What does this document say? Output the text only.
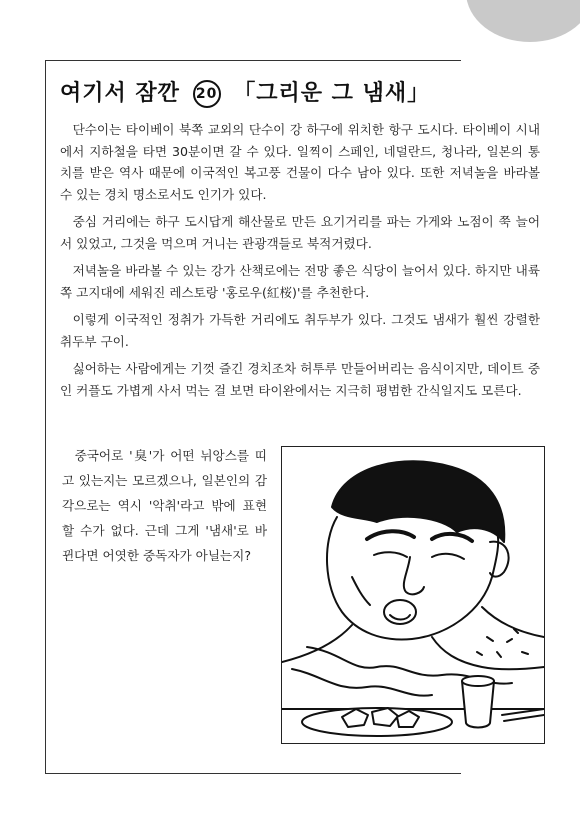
여기서 잠깐 20 「그리운 그 냄새」

단수이는 타이베이 북쪽 교외의 단수이 강 하구에 위치한 항구 도시다. 타이베이 시내에서 지하철을 타면 30분이면 갈 수 있다. 일찍이 스페인, 네덜란드, 청나라, 일본의 통치를 받은 역사 때문에 이국적인 복고풍 건물이 다수 남아 있다. 또한 저녁놀을 바라볼 수 있는 경치 명소로서도 인기가 있다.

중심 거리에는 하구 도시답게 해산물로 만든 요기거리를 파는 가게와 노점이 쭉 늘어서 있었고, 그것을 먹으며 거니는 관광객들로 북적거렸다.

저녁놀을 바라볼 수 있는 강가 산책로에는 전망 좋은 식당이 늘어서 있다. 하지만 내륙 쪽 고지대에 세워진 레스토랑 '홍로우(紅桜)'를 추천한다.

이렇게 이국적인 정취가 가득한 거리에도 취두부가 있다. 그것도 냄새가 훨씬 강렬한 취두부 구이.

싫어하는 사람에게는 기껏 즐긴 경치조차 허투루 만들어버리는 음식이지만, 데이트 중인 커플도 가볍게 사서 먹는 걸 보면 타이완에서는 지극히 평범한 간식일지도 모른다.

중국어로 '臭'가 어떤 뉘앙스를 띠고 있는지는 모르겠으나, 일본인의 감각으로는 역시 '악취'라고 밖에 표현할 수가 없다. 근데 그게 '냄새'로 바뀐다면 어엿한 중독자가 아닐는지?
